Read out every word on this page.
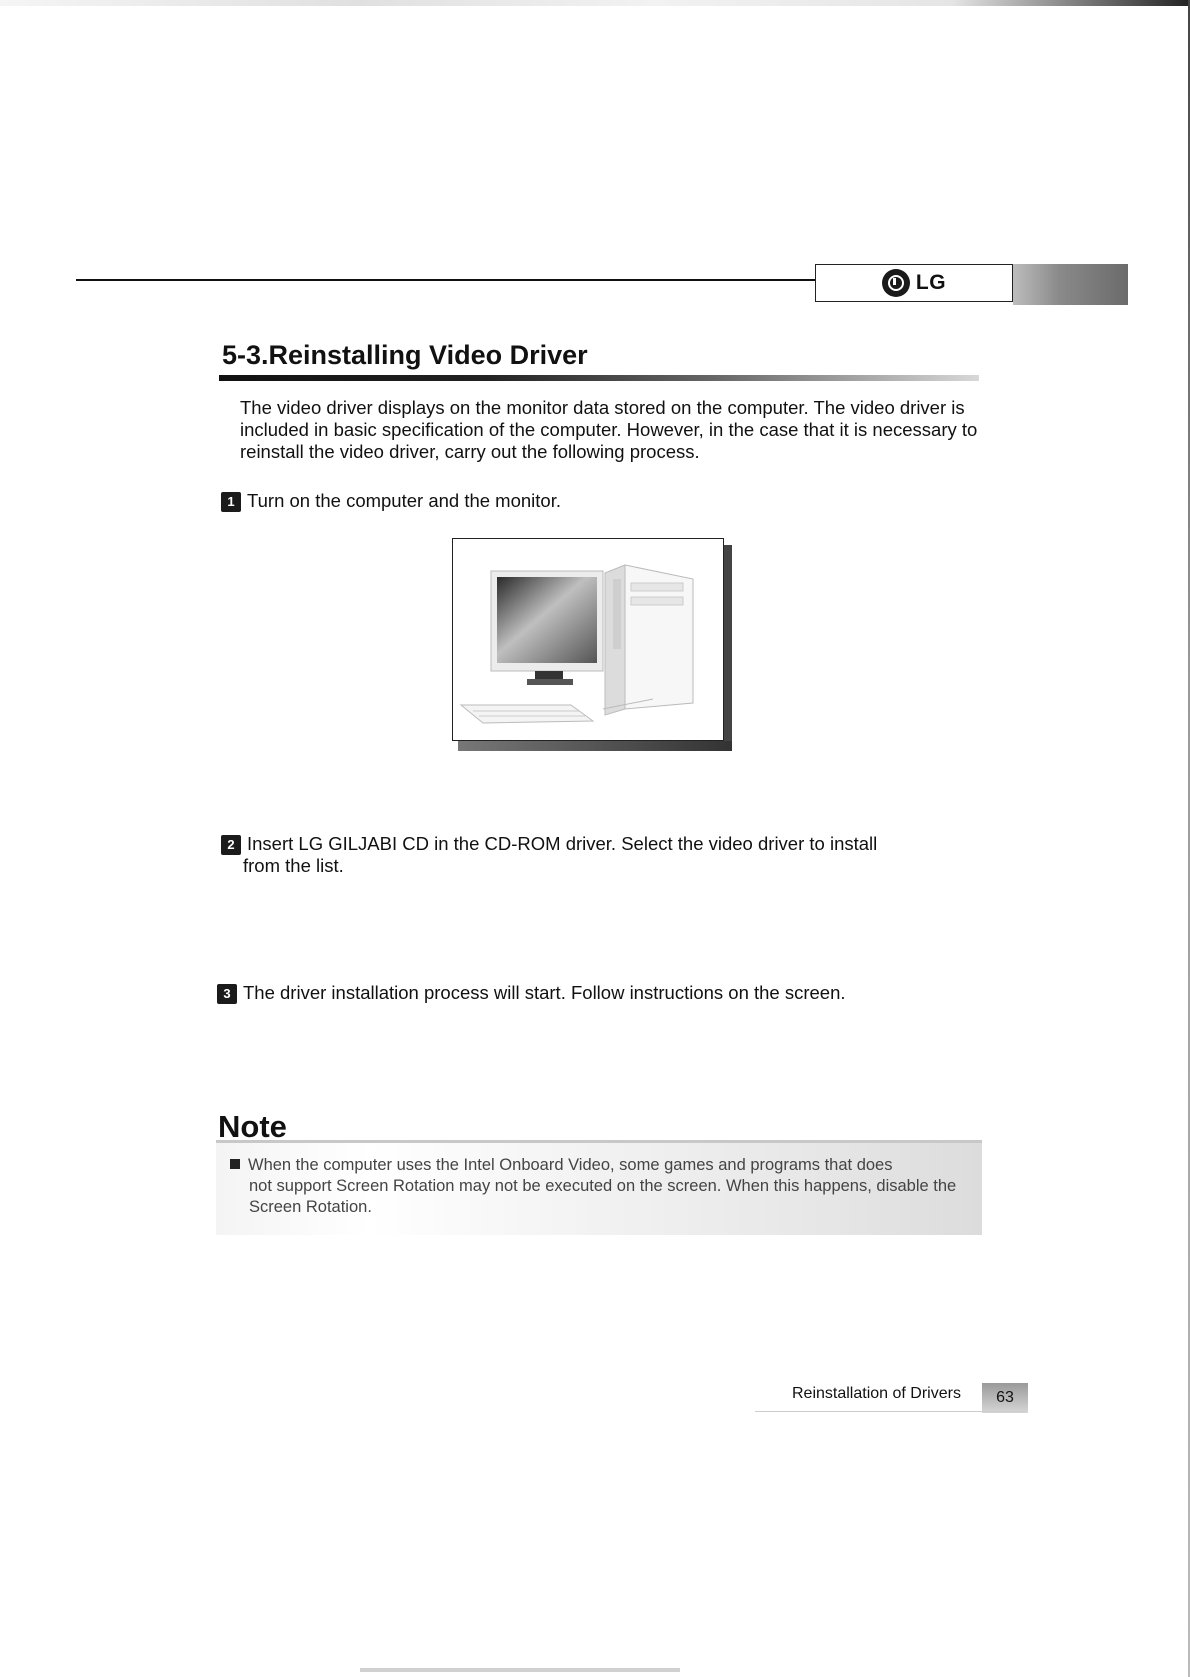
LG
5-3.Reinstalling Video Driver
The video driver displays on the monitor data stored on the computer. The video driver is included in basic specification of the computer. However, in the case that it is necessary to reinstall the video driver, carry out the following process.
1 Turn on the computer and the monitor.
2 Insert LG GILJABI CD in the CD-ROM driver. Select the video driver to install
from the list.
3 The driver installation process will start. Follow instructions on the screen.
Note
When the computer uses the Intel Onboard Video, some games and programs that does
not support Screen Rotation may not be executed on the screen. When this happens, disable the Screen Rotation.
Reinstallation of Drivers	63
